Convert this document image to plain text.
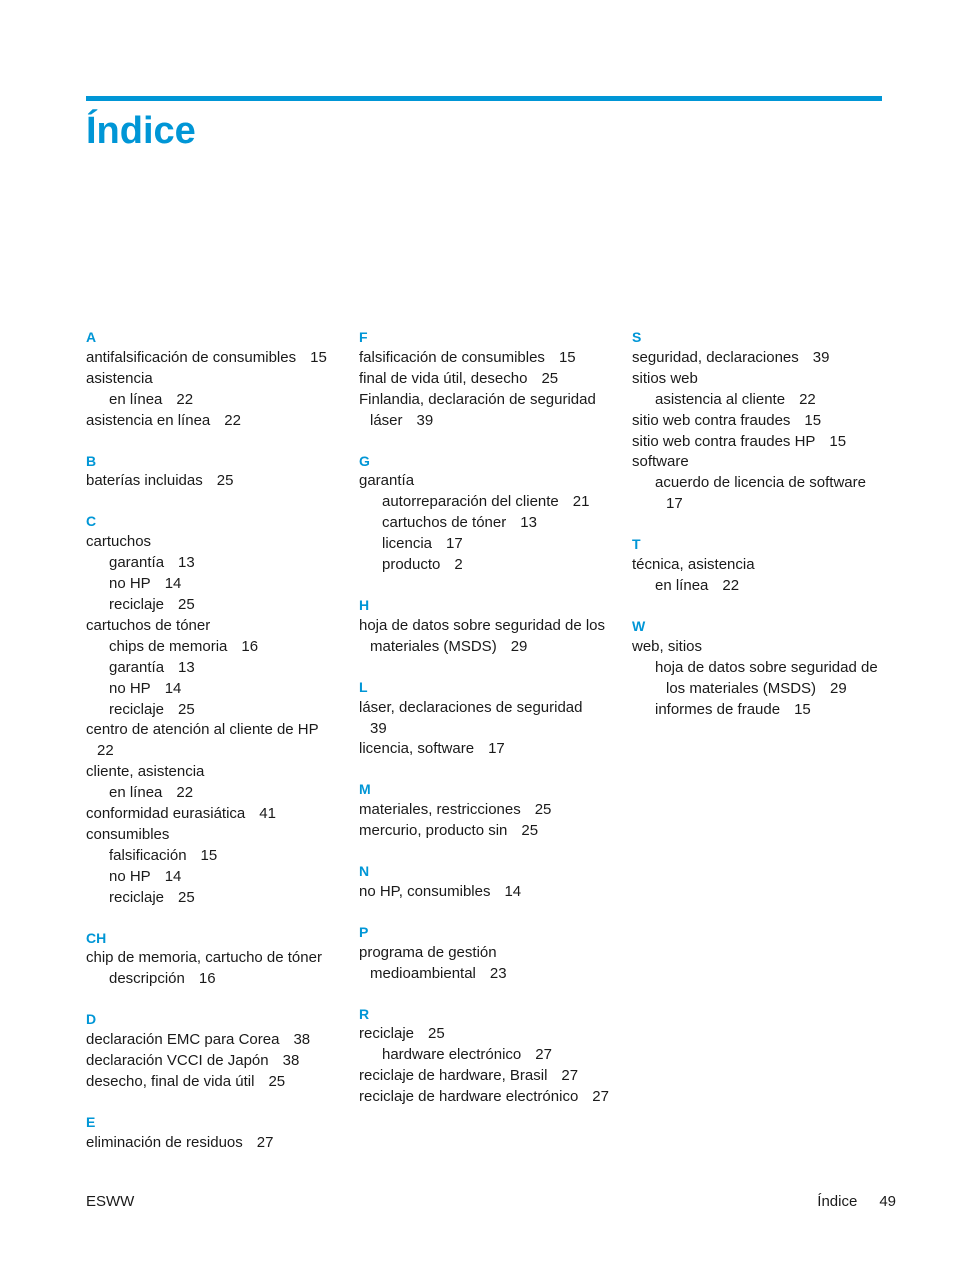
Índice
A
antifalsificación de consumibles 15
asistencia
en línea 22
asistencia en línea 22
B
baterías incluidas 25
C
cartuchos
garantía 13
no HP 14
reciclaje 25
cartuchos de tóner
chips de memoria 16
garantía 13
no HP 14
reciclaje 25
centro de atención al cliente de HP
22
cliente, asistencia
en línea 22
conformidad eurasiática 41
consumibles
falsificación 15
no HP 14
reciclaje 25
CH
chip de memoria, cartucho de tóner
descripción 16
D
declaración EMC para Corea 38
declaración VCCI de Japón 38
desecho, final de vida útil 25
E
eliminación de residuos 27
F
falsificación de consumibles 15
final de vida útil, desecho 25
Finlandia, declaración de seguridad láser 39
G
garantía
autorreparación del cliente 21
cartuchos de tóner 13
licencia 17
producto 2
H
hoja de datos sobre seguridad de los materiales (MSDS) 29
L
láser, declaraciones de seguridad
39
licencia, software 17
M
materiales, restricciones 25
mercurio, producto sin 25
N
no HP, consumibles 14
P
programa de gestión medioambiental 23
R
reciclaje 25
hardware electrónico 27
reciclaje de hardware, Brasil 27
reciclaje de hardware electrónico 27
S
seguridad, declaraciones 39
sitios web
asistencia al cliente 22
sitio web contra fraudes 15
sitio web contra fraudes HP 15
software
acuerdo de licencia de software
17
T
técnica, asistencia
en línea 22
W
web, sitios
hoja de datos sobre seguridad de los materiales (MSDS) 29
informes de fraude 15
ESWW	Índice 49
